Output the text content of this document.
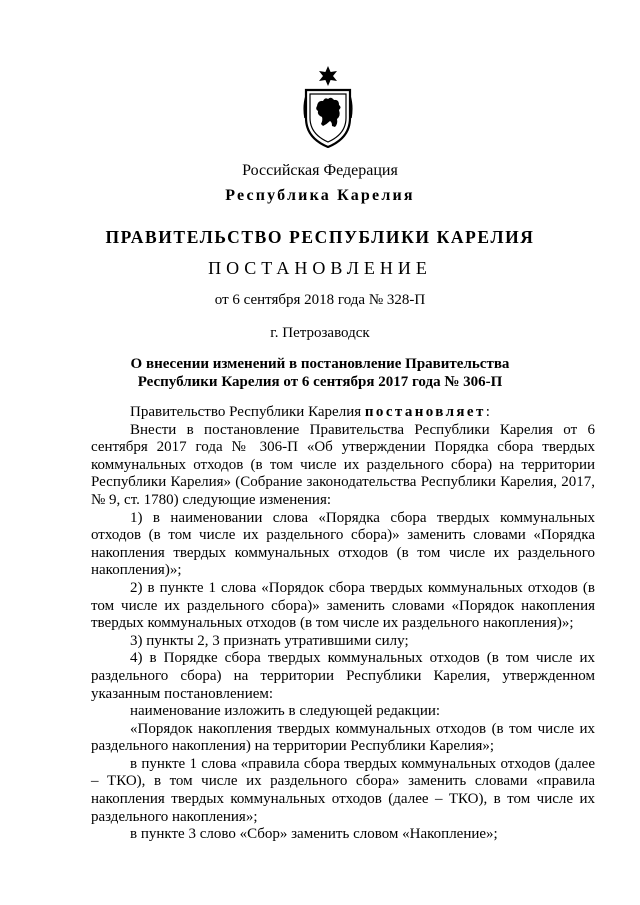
Российская Федерация
Республика Карелия
ПРАВИТЕЛЬСТВО РЕСПУБЛИКИ КАРЕЛИЯ
ПОСТАНОВЛЕНИЕ
от 6 сентября 2018 года № 328-П
г. Петрозаводск
О внесении изменений в постановление Правительства
Республики Карелия от 6 сентября 2017 года № 306-П

Правительство Республики Карелия постановляет:

Внести в постановление Правительства Республики Карелия от 6 сентября 2017 года № 306-П «Об утверждении Порядка сбора твердых коммунальных отходов (в том числе их раздельного сбора) на территории Республики Карелия» (Собрание законодательства Республики Карелия, 2017, № 9, ст. 1780) следующие изменения:

1) в наименовании слова «Порядка сбора твердых коммунальных отходов (в том числе их раздельного сбора)» заменить словами «Порядка накопления твердых коммунальных отходов (в том числе их раздельного накопления)»;

2) в пункте 1 слова «Порядок сбора твердых коммунальных отходов (в том числе их раздельного сбора)» заменить словами «Порядок накопления твердых коммунальных отходов (в том числе их раздельного накопления)»;

3) пункты 2, 3 признать утратившими силу;

4) в Порядке сбора твердых коммунальных отходов (в том числе их раздельного сбора) на территории Республики Карелия, утвержденном указанным постановлением:

наименование изложить в следующей редакции:

«Порядок накопления твердых коммунальных отходов (в том числе их раздельного накопления) на территории Республики Карелия»;

в пункте 1 слова «правила сбора твердых коммунальных отходов (далее – ТКО), в том числе их раздельного сбора» заменить словами «правила накопления твердых коммунальных отходов (далее – ТКО), в том числе их раздельного накопления»;

в пункте 3 слово «Сбор» заменить словом «Накопление»;
